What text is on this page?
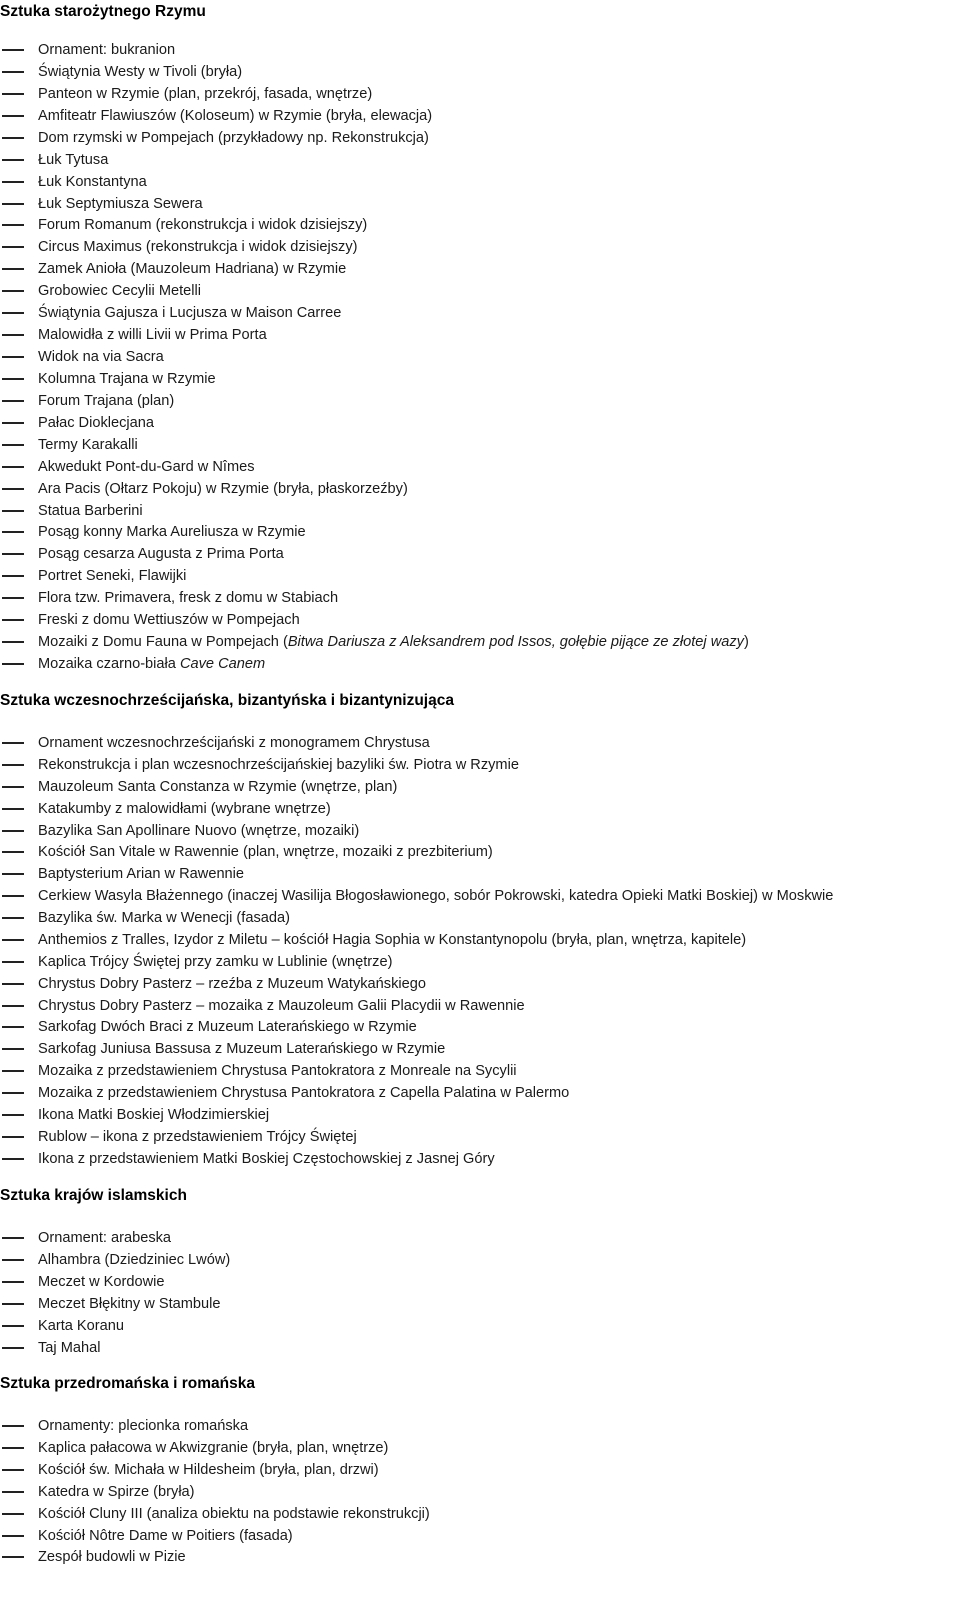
Sztuka starożytnego Rzymu
Ornament: bukranion
Świątynia Westy w Tivoli (bryła)
Panteon w Rzymie (plan, przekrój, fasada, wnętrze)
Amfiteatr Flawiuszów (Koloseum) w Rzymie (bryła, elewacja)
Dom rzymski w Pompejach (przykładowy np. Rekonstrukcja)
Łuk Tytusa
Łuk Konstantyna
Łuk Septymiusza Sewera
Forum Romanum (rekonstrukcja i widok dzisiejszy)
Circus Maximus (rekonstrukcja i widok dzisiejszy)
Zamek Anioła (Mauzoleum Hadriana) w Rzymie
Grobowiec Cecylii Metelli
Świątynia Gajusza i Lucjusza w Maison Carree
Malowidła z willi Livii w Prima Porta
Widok na via Sacra
Kolumna Trajana w Rzymie
Forum Trajana (plan)
Pałac Dioklecjana
Termy Karakalli
Akwedukt Pont-du-Gard w Nîmes
Ara Pacis (Ołtarz Pokoju) w Rzymie (bryła, płaskorzeźby)
Statua Barberini
Posąg konny Marka Aureliusza w Rzymie
Posąg cesarza Augusta z Prima Porta
Portret Seneki, Flawijki
Flora tzw. Primavera, fresk z domu w Stabiach
Freski z domu Wettiuszów w Pompejach
Mozaiki z Domu Fauna w Pompejach (Bitwa Dariusza z Aleksandrem pod Issos, gołębie pijące ze złotej wazy)
Mozaika czarno-biała Cave Canem
Sztuka wczesnochrześcijańska, bizantyńska i bizantynizująca
Ornament wczesnochrześcijański z monogramem Chrystusa
Rekonstrukcja i plan wczesnochrześcijańskiej bazyliki św. Piotra w Rzymie
Mauzoleum Santa Constanza w Rzymie (wnętrze, plan)
Katakumby z malowidłami (wybrane wnętrze)
Bazylika San Apollinare Nuovo (wnętrze, mozaiki)
Kościół San Vitale w Rawennie (plan, wnętrze, mozaiki z prezbiterium)
Baptysterium Arian w Rawennie
Cerkiew Wasyla Błażennego (inaczej Wasilija Błogosławionego, sobór Pokrowski, katedra Opieki Matki Boskiej) w Moskwie
Bazylika św. Marka w Wenecji (fasada)
Anthemios z Tralles, Izydor z Miletu – kościół Hagia Sophia w Konstantynopolu (bryła, plan, wnętrza, kapitele)
Kaplica Trójcy Świętej przy zamku w Lublinie (wnętrze)
Chrystus Dobry Pasterz – rzeźba z Muzeum Watykańskiego
Chrystus Dobry Pasterz – mozaika z Mauzoleum Galii Placydii w Rawennie
Sarkofag Dwóch Braci z Muzeum Laterańskiego w Rzymie
Sarkofag Juniusa Bassusa z Muzeum Laterańskiego w Rzymie
Mozaika z przedstawieniem Chrystusa Pantokratora z Monreale na Sycylii
Mozaika z przedstawieniem Chrystusa Pantokratora z Capella Palatina w Palermo
Ikona Matki Boskiej Włodzimierskiej
Rublow – ikona z przedstawieniem Trójcy Świętej
Ikona z przedstawieniem Matki Boskiej Częstochowskiej z Jasnej Góry
Sztuka krajów islamskich
Ornament: arabeska
Alhambra (Dziedziniec Lwów)
Meczet w Kordowie
Meczet Błękitny w Stambule
Karta Koranu
Taj Mahal
Sztuka przedromańska i romańska
Ornamenty: plecionka romańska
Kaplica pałacowa w Akwizgranie (bryła, plan, wnętrze)
Kościół św. Michała w Hildesheim (bryła, plan, drzwi)
Katedra w Spirze (bryła)
Kościół Cluny III (analiza obiektu na podstawie rekonstrukcji)
Kościół Nôtre Dame w Poitiers (fasada)
Zespół budowli w Pizie
